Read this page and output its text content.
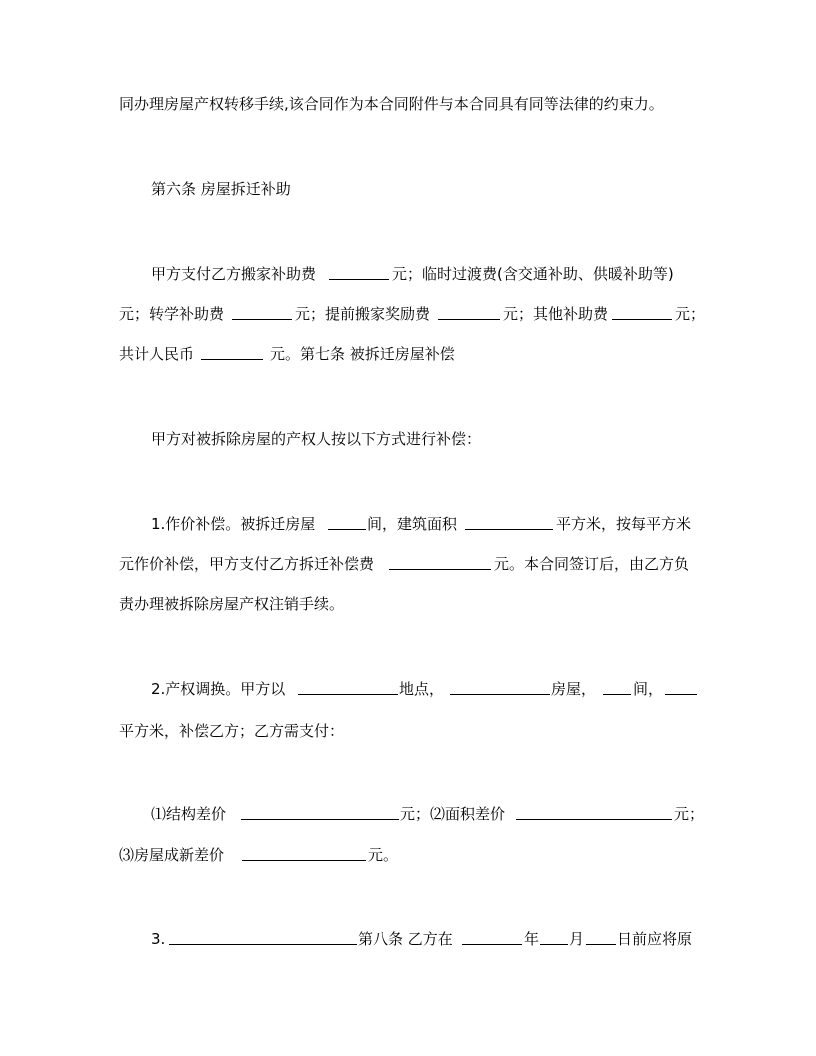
同办理房屋产权转移手续,该合同作为本合同附件与本合同具有同等法律的约束力。
第六条 房屋拆迁补助
甲方支付乙方搬家补助费	元；临时过渡费(含交通补助、供暖补助等)
元；转学补助费	元；提前搬家奖励费	元；其他补助费	元；
共计人民币	元。第七条 被拆迁房屋补偿
甲方对被拆除房屋的产权人按以下方式进行补偿：
1.作价补偿。被拆迁房屋	间，建筑面积	平方米，按每平方米
元作价补偿，甲方支付乙方拆迁补偿费	元。本合同签订后，由乙方负
责办理被拆除房屋产权注销手续。
2.产权调换。甲方以	地点，	房屋， 间，
平方米，补偿乙方；乙方需支付：
⑴结构差价	元；⑵面积差价	元；
⑶房屋成新差价	元。
3.	第八条 乙方在	年 月 日前应将原
